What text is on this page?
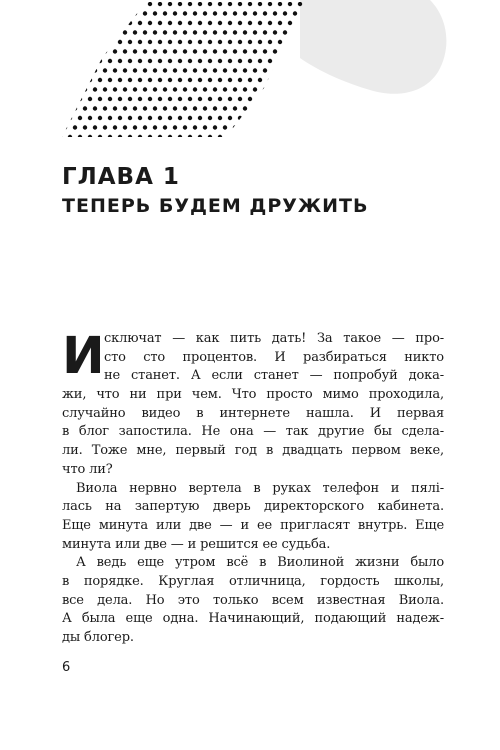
ГЛАВА 1
ТЕПЕРЬ БУДЕМ ДРУЖИТЬ
И сключат — как пить дать! За такое — про-
сто сто процентов. И разбираться никто
не станет. А если станет — попробуй дока-
жи, что ни при чем. Что просто мимо проходила,
случайно видео в интернете нашла. И первая
в блог запостила. Не она — так другие бы сдела-
ли. Тоже мне, первый год в двадцать первом веке,
что ли?
Виола нервно вертела в руках телефон и пялі-
лась на запертую дверь директорского кабинета.
Еще минута или две — и ее пригласят внутрь. Еще
минута или две — и решится ее судьба.
А ведь еще утром всё в Виолиной жизни было
в порядке. Круглая отличница, гордость школы,
все дела. Но это только всем известная Виола.
А была еще одна. Начинающий, подающий надеж-
ды блогер.
6
